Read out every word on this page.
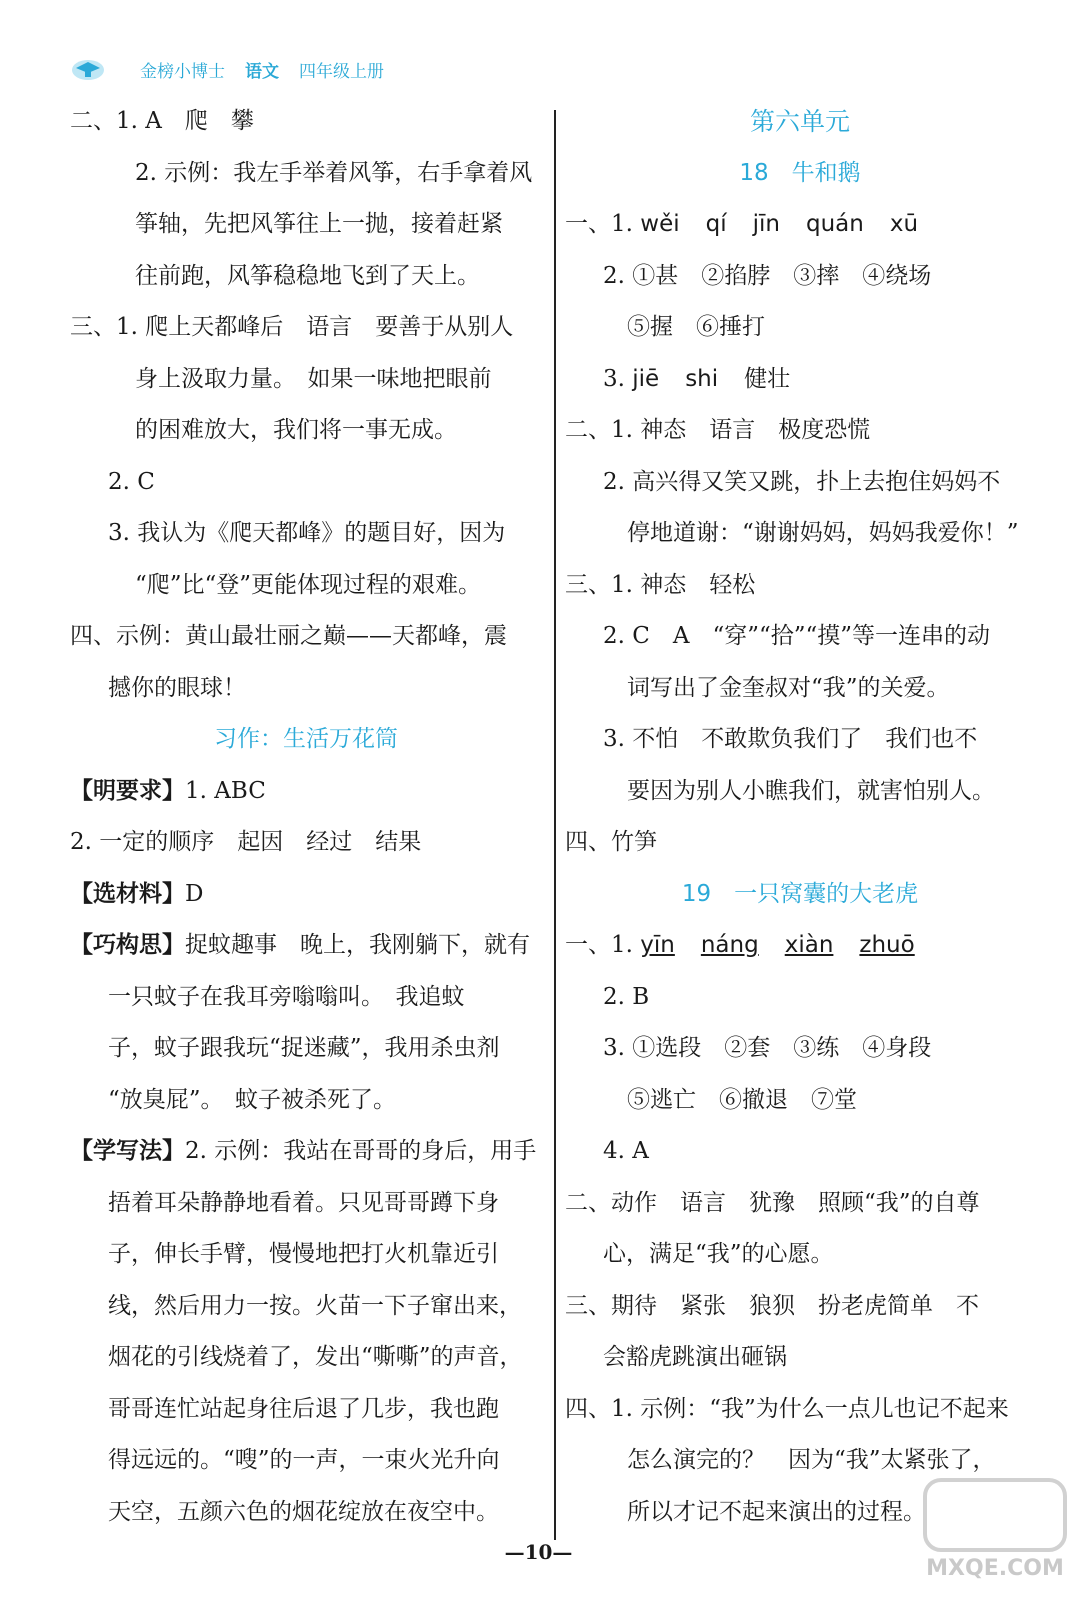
金榜小博士 语文 四年级上册
二、1. A　爬　攀
2. 示例：我左手举着风筝，右手拿着风
筝轴，先把风筝往上一抛，接着赶紧
往前跑，风筝稳稳地飞到了天上。
三、1. 爬上天都峰后　语言　要善于从别人
身上汲取力量。　如果一味地把眼前
的困难放大，我们将一事无成。
2. C
3. 我认为《爬天都峰》的题目好，因为
“爬”比“登”更能体现过程的艰难。
四、示例：黄山最壮丽之巅——天都峰，震
撼你的眼球！
习作：生活万花筒
【明要求】1. ABC
2. 一定的顺序　起因　经过　结果
【选材料】D
【巧构思】捉蚊趣事　晚上，我刚躺下，就有
一只蚊子在我耳旁嗡嗡叫。　我追蚊
子，蚊子跟我玩“捉迷藏”，我用杀虫剂
“放臭屁”。　蚊子被杀死了。
【学写法】2. 示例：我站在哥哥的身后，用手
捂着耳朵静静地看着。只见哥哥蹲下身
子，伸长手臂，慢慢地把打火机靠近引
线，然后用力一按。火苗一下子窜出来，
烟花的引线烧着了，发出“嘶嘶”的声音，
哥哥连忙站起身往后退了几步，我也跑
得远远的。“嗖”的一声，一束火光升向
天空，五颜六色的烟花绽放在夜空中。
第六单元
18　牛和鹅
一、1. wěi qí jīn quán xū
2. ①甚　②掐脖　③摔　④绕场
⑤握　⑥捶打
3. jiē shi 健壮
二、1. 神态　语言　极度恐慌
2. 高兴得又笑又跳，扑上去抱住妈妈不
停地道谢：“谢谢妈妈，妈妈我爱你！”
三、1. 神态　轻松
2. C　A　“穿”“拾”“摸”等一连串的动
词写出了金奎叔对“我”的关爱。
3. 不怕　不敢欺负我们了　我们也不
要因为别人小瞧我们，就害怕别人。
四、竹笋
19　一只窝囊的大老虎
一、1. yīn náng xiàn zhuō
2. B
3. ①选段　②套　③练　④身段
⑤逃亡　⑥撤退　⑦堂
4. A
二、动作　语言　犹豫　照顾“我”的自尊
心，满足“我”的心愿。
三、期待　紧张　狼狈　扮老虎简单　不
会豁虎跳演出砸锅
四、1. 示例：“我”为什么一点儿也记不起来
怎么演完的？　因为“我”太紧张了，
所以才记不起来演出的过程。
—10—
MXQE.COM
